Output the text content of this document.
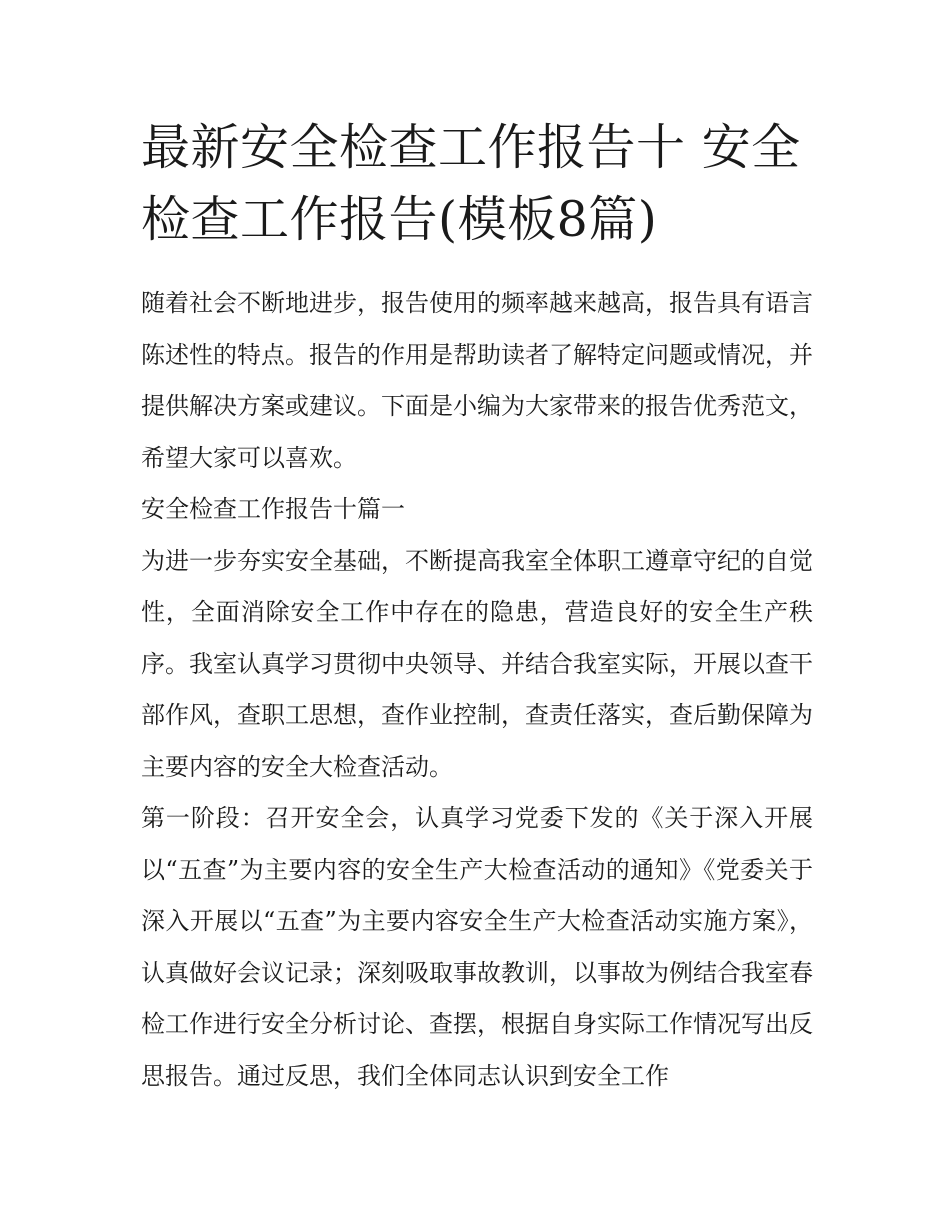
最新安全检查工作报告十 安全检查工作报告(模板8篇)

随着社会不断地进步，报告使用的频率越来越高，报告具有语言陈述性的特点。报告的作用是帮助读者了解特定问题或情况，并提供解决方案或建议。下面是小编为大家带来的报告优秀范文，希望大家可以喜欢。

安全检查工作报告十篇一

为进一步夯实安全基础，不断提高我室全体职工遵章守纪的自觉性，全面消除安全工作中存在的隐患，营造良好的安全生产秩序。我室认真学习贯彻中央领导、并结合我室实际，开展以查干部作风，查职工思想，查作业控制，查责任落实，查后勤保障为主要内容的安全大检查活动。

第一阶段：召开安全会，认真学习党委下发的《关于深入开展以“五查”为主要内容的安全生产大检查活动的通知》《党委关于深入开展以“五查”为主要内容安全生产大检查活动实施方案》，认真做好会议记录；深刻吸取事故教训，以事故为例结合我室春检工作进行安全分析讨论、查摆，根据自身实际工作情况写出反思报告。通过反思，我们全体同志认识到安全工作
